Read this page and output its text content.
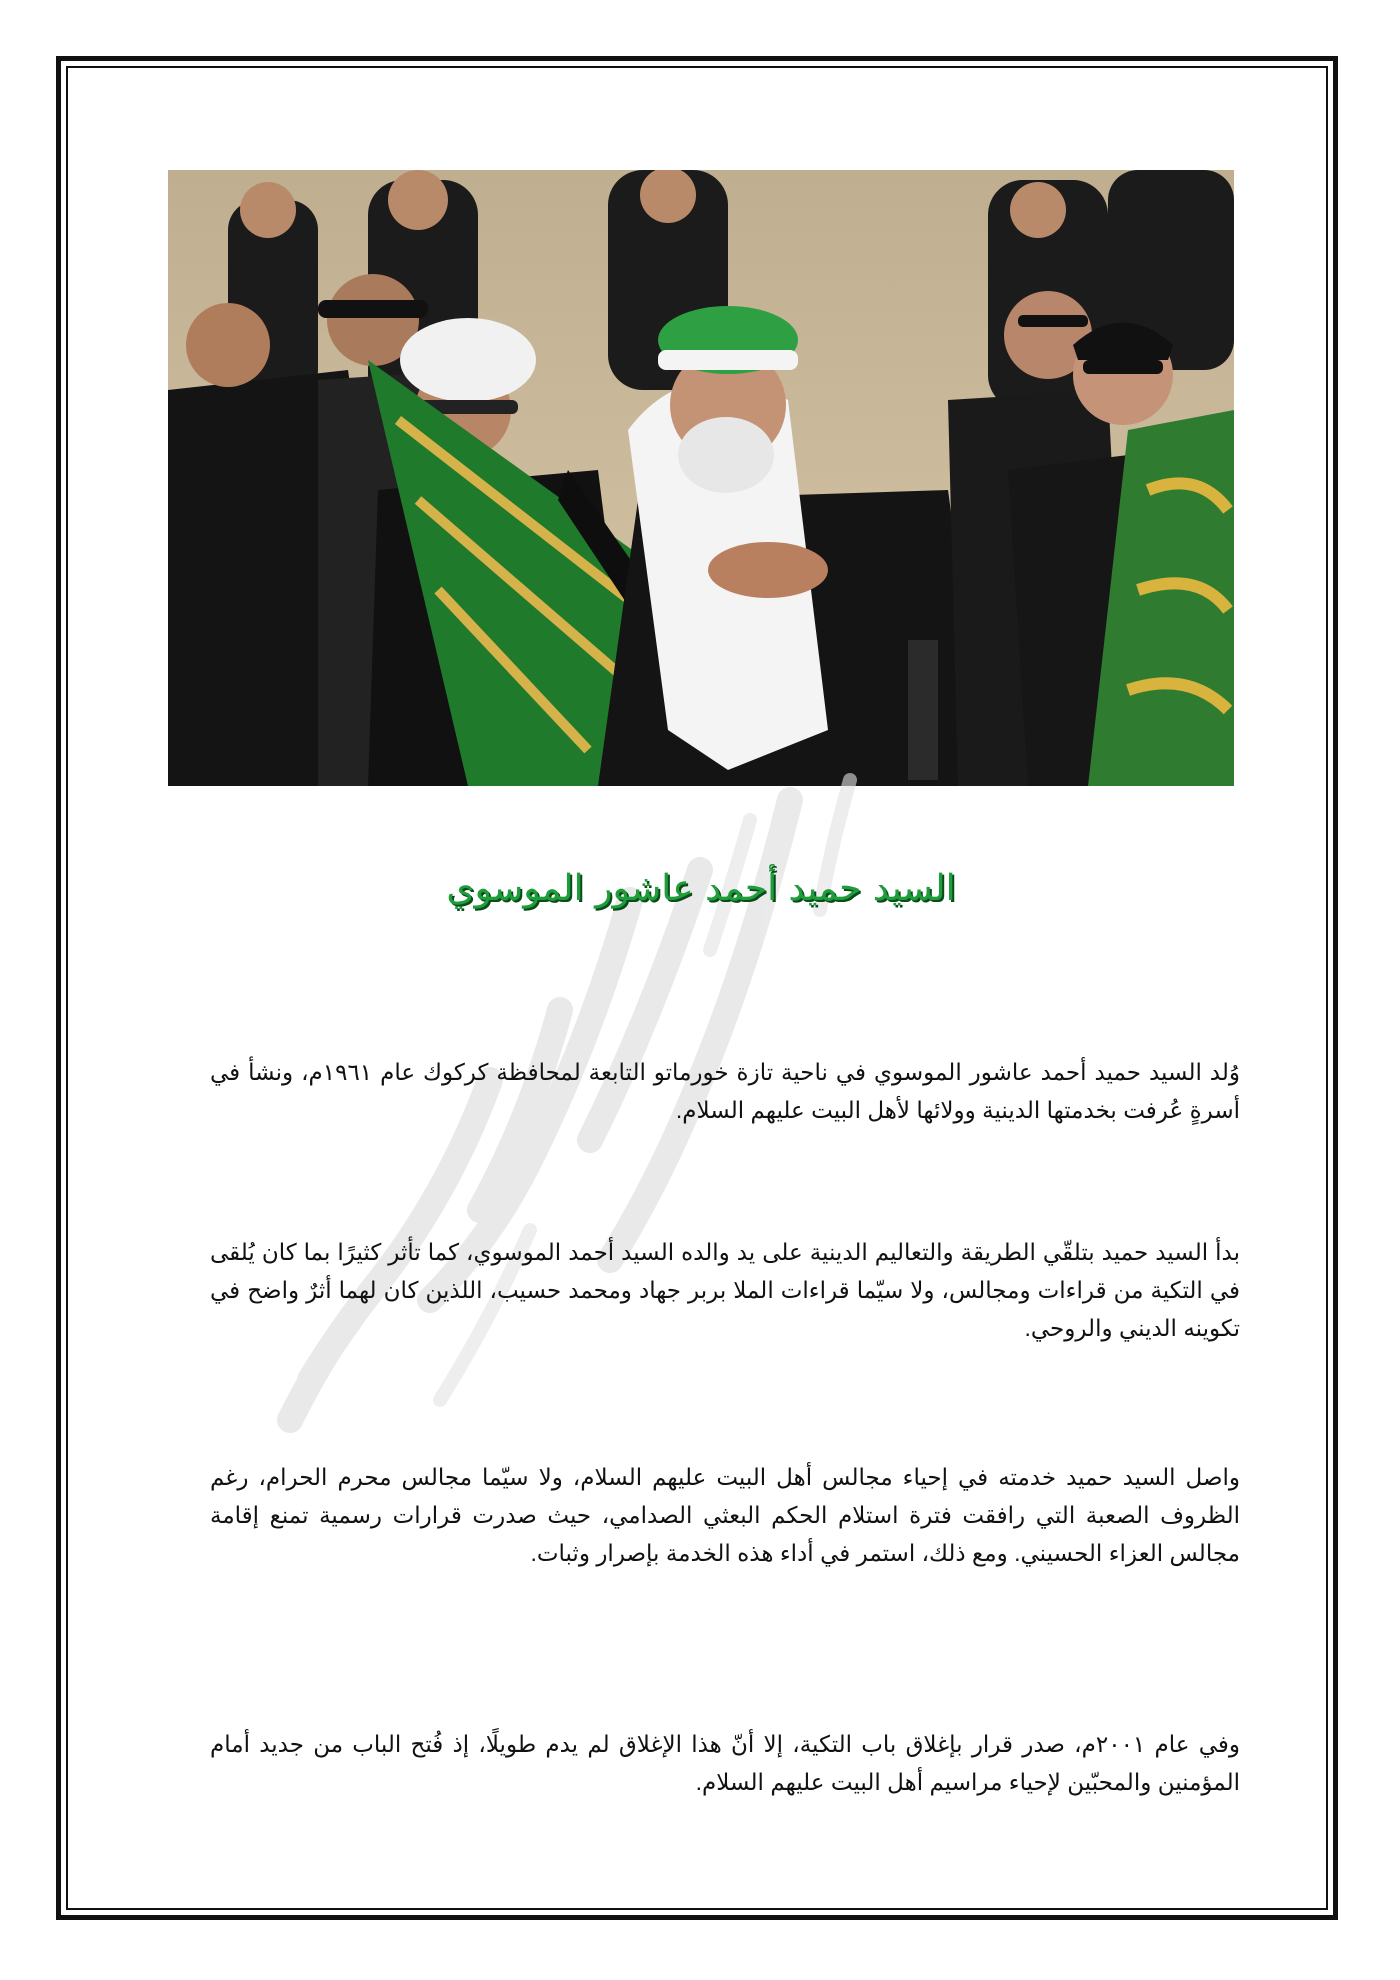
السيد حميد أحمد عاشور الموسوي

وُلد السيد حميد أحمد عاشور الموسوي في ناحية تازة خورماتو التابعة لمحافظة كركوك عام ١٩٦١م، ونشأ في أسرةٍ عُرفت بخدمتها الدينية وولائها لأهل البيت عليهم السلام.

بدأ السيد حميد بتلقّي الطريقة والتعاليم الدينية على يد والده السيد أحمد الموسوي، كما تأثر كثيرًا بما كان يُلقى في التكية من قراءات ومجالس، ولا سيّما قراءات الملا بربر جهاد ومحمد حسيب، اللذين كان لهما أثرٌ واضح في تكوينه الديني والروحي.

واصل السيد حميد خدمته في إحياء مجالس أهل البيت عليهم السلام، ولا سيّما مجالس محرم الحرام، رغم الظروف الصعبة التي رافقت فترة استلام الحكم البعثي الصدامي، حيث صدرت قرارات رسمية تمنع إقامة مجالس العزاء الحسيني. ومع ذلك، استمر في أداء هذه الخدمة بإصرار وثبات.

وفي عام ٢٠٠١م، صدر قرار بإغلاق باب التكية، إلا أنّ هذا الإغلاق لم يدم طويلًا، إذ فُتح الباب من جديد أمام المؤمنين والمحبّين لإحياء مراسيم أهل البيت عليهم السلام.
